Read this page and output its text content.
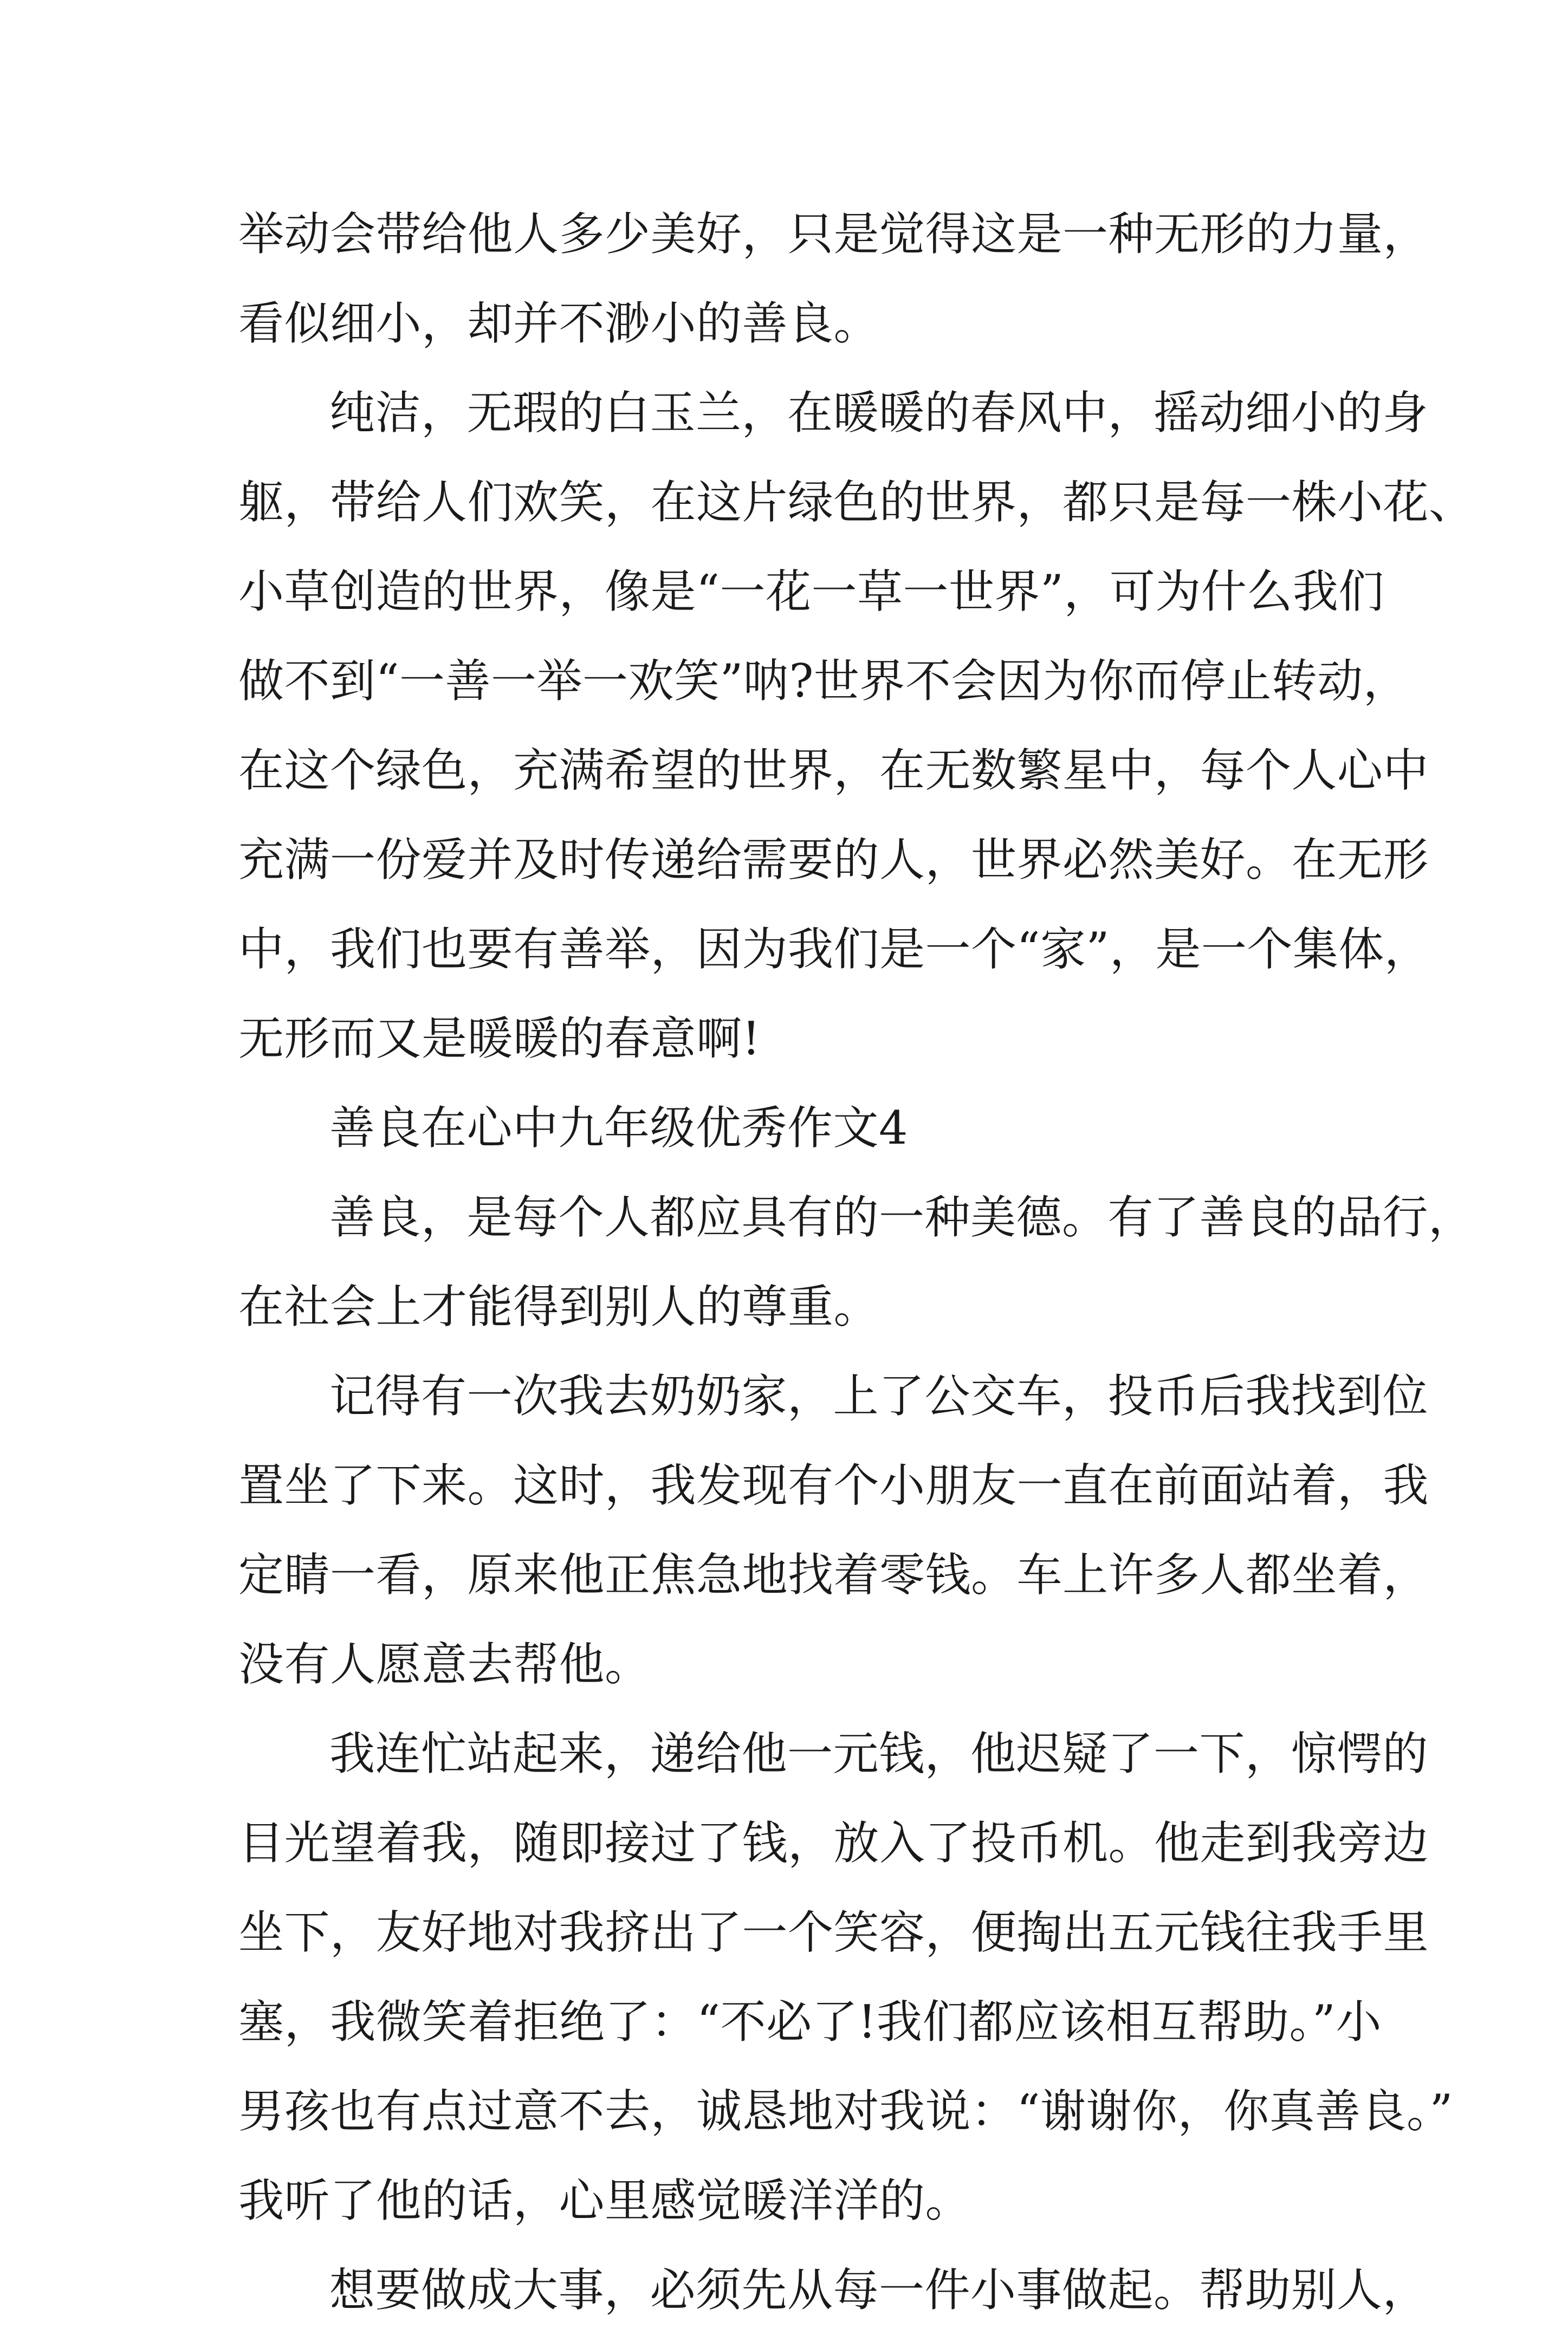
举动会带给他人多少美好，只是觉得这是一种无形的力量，
看似细小，却并不渺小的善良。
纯洁，无瑕的白玉兰，在暖暖的春风中，摇动细小的身
躯，带给人们欢笑，在这片绿色的世界，都只是每一株小花、
小草创造的世界，像是“一花一草一世界”，可为什么我们
做不到“一善一举一欢笑”呐?世界不会因为你而停止转动，
在这个绿色，充满希望的世界，在无数繁星中，每个人心中
充满一份爱并及时传递给需要的人，世界必然美好。在无形
中，我们也要有善举，因为我们是一个“家”，是一个集体，
无形而又是暖暖的春意啊!
善良在心中九年级优秀作文4
善良，是每个人都应具有的一种美德。有了善良的品行，
在社会上才能得到别人的尊重。
记得有一次我去奶奶家，上了公交车，投币后我找到位
置坐了下来。这时，我发现有个小朋友一直在前面站着，我
定睛一看，原来他正焦急地找着零钱。车上许多人都坐着，
没有人愿意去帮他。
我连忙站起来，递给他一元钱，他迟疑了一下，惊愕的
目光望着我，随即接过了钱，放入了投币机。他走到我旁边
坐下，友好地对我挤出了一个笑容，便掏出五元钱往我手里
塞，我微笑着拒绝了：“不必了!我们都应该相互帮助。”小
男孩也有点过意不去，诚恳地对我说：“谢谢你，你真善良。”
我听了他的话，心里感觉暖洋洋的。
想要做成大事，必须先从每一件小事做起。帮助别人，
